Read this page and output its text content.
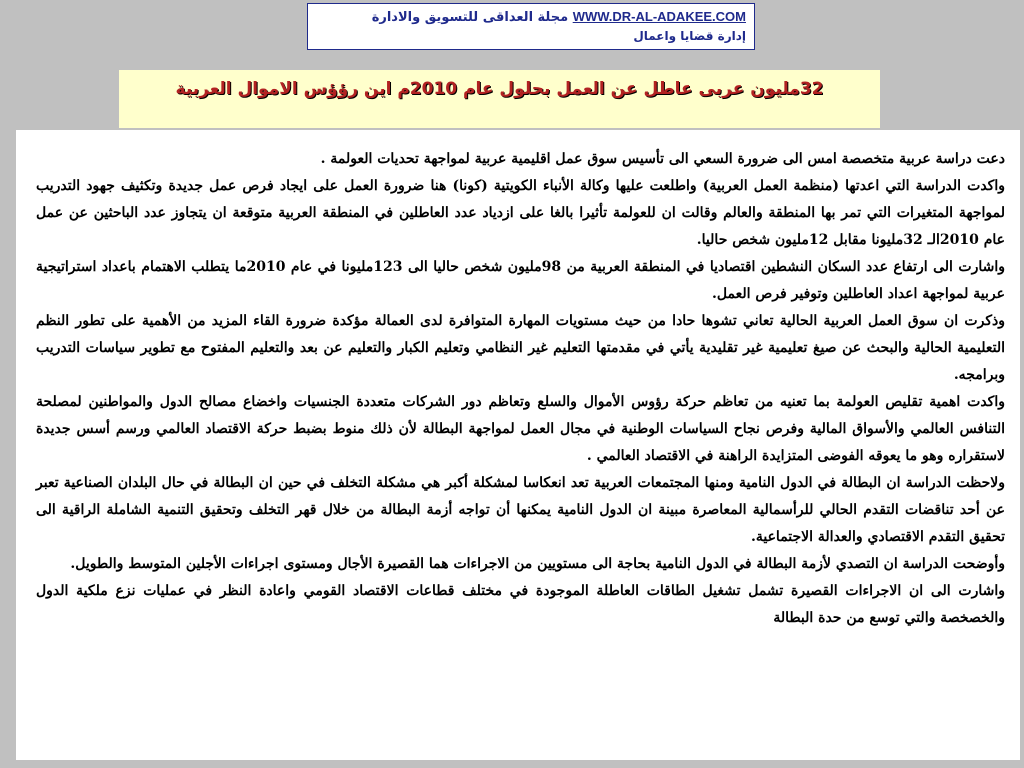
WWW.DR-AL-ADAKEE.COM مجلة العداقى للتسويق والادارة
إدارة قضايا واعمال
32مليون عربى عاطل عن العمل بحلول عام 2010م اين رؤؤس الاموال العربية

دعت دراسة عربية متخصصة امس الى ضرورة السعي الى تأسيس سوق عمل اقليمية عربية لمواجهة تحديات العولمة .

واكدت الدراسة التي اعدتها (منظمة العمل العربية) واطلعت عليها وكالة الأنباء الكويتية (كونا) هنا ضرورة العمل على ايجاد فرص عمل جديدة وتكثيف جهود التدريب لمواجهة المتغيرات التي تمر بها المنطقة والعالم وقالت ان للعولمة تأثيرا بالغا على ازدياد عدد العاطلين في المنطقة العربية متوقعة ان يتجاوز عدد الباحثين عن عمل عام 2010الـ 32مليونا مقابل 12مليون شخص حاليا.

واشارت الى ارتفاع عدد السكان النشطين اقتصاديا في المنطقة العربية من 98مليون شخص حاليا الى 123مليونا في عام 2010ما يتطلب الاهتمام باعداد استراتيجية عربية لمواجهة اعداد العاطلين وتوفير فرص العمل.

وذكرت ان سوق العمل العربية الحالية تعاني تشوها حادا من حيث مستويات المهارة المتوافرة لدى العمالة مؤكدة ضرورة القاء المزيد من الأهمية على تطور النظم التعليمية الحالية والبحث عن صيغ تعليمية غير تقليدية يأتي في مقدمتها التعليم غير النظامي وتعليم الكبار والتعليم عن بعد والتعليم المفتوح مع تطوير سياسات التدريب وبرامجه.

واكدت اهمية تقليص العولمة بما تعنيه من تعاظم حركة رؤوس الأموال والسلع وتعاظم دور الشركات متعددة الجنسيات واخضاع مصالح الدول والمواطنين لمصلحة التنافس العالمي والأسواق المالية وفرص نجاح السياسات الوطنية في مجال العمل لمواجهة البطالة لأن ذلك منوط بضبط حركة الاقتصاد العالمي ورسم أسس جديدة لاستقراره وهو ما يعوقه الفوضى المتزايدة الراهنة في الاقتصاد العالمي .

ولاحظت الدراسة ان البطالة في الدول النامية ومنها المجتمعات العربية تعد انعكاسا لمشكلة أكبر هي مشكلة التخلف في حين ان البطالة في حال البلدان الصناعية تعبر عن أحد تناقضات التقدم الحالي للرأسمالية المعاصرة مبينة ان الدول النامية يمكنها أن تواجه أزمة البطالة من خلال قهر التخلف وتحقيق التنمية الشاملة الراقية الى تحقيق التقدم الاقتصادي والعدالة الاجتماعية.

وأوضحت الدراسة ان التصدي لأزمة البطالة في الدول النامية بحاجة الى مستويين من الاجراءات هما القصيرة الأجال ومستوى اجراءات الأجلين المتوسط والطويل.

واشارت الى ان الاجراءات القصيرة تشمل تشغيل الطاقات العاطلة الموجودة في مختلف قطاعات الاقتصاد القومي واعادة النظر في عمليات نزع ملكية الدول والخصخصة والتي توسع من حدة البطالة
